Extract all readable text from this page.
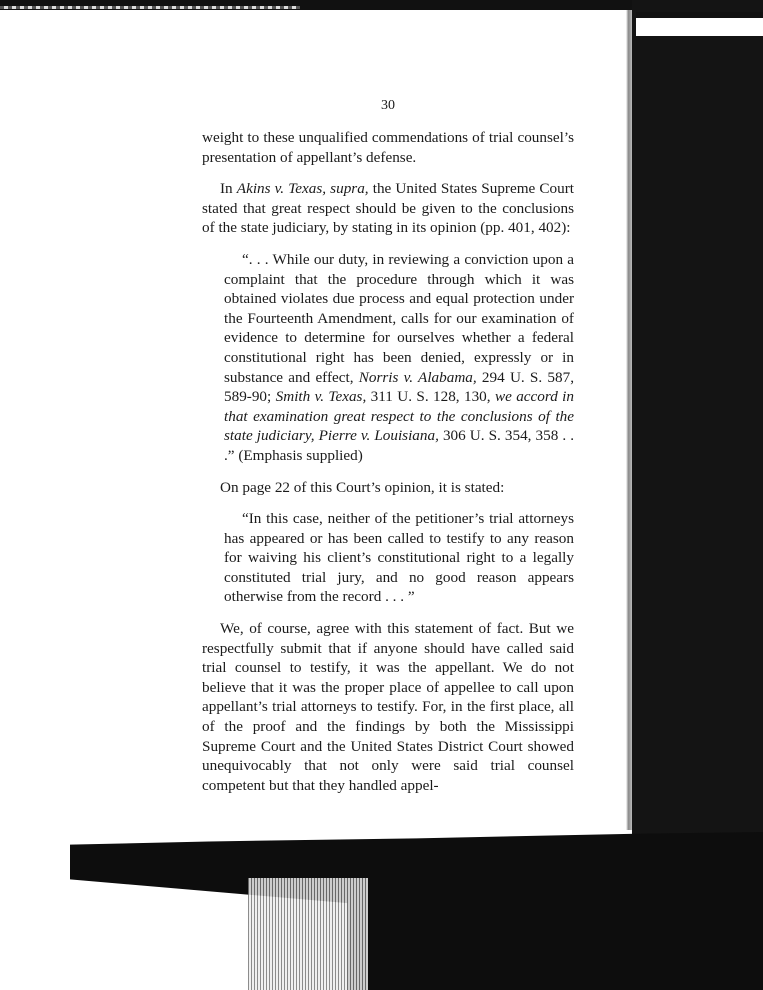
30

weight to these unqualified commendations of trial counsel’s presentation of appellant’s defense.

In Akins v. Texas, supra, the United States Supreme Court stated that great respect should be given to the conclusions of the state judiciary, by stating in its opinion (pp. 401, 402):

“. . . While our duty, in reviewing a conviction upon a complaint that the procedure through which it was obtained violates due process and equal protection under the Fourteenth Amendment, calls for our examination of evidence to determine for ourselves whether a federal constitutional right has been denied, expressly or in substance and effect, Norris v. Alabama, 294 U. S. 587, 589-90; Smith v. Texas, 311 U. S. 128, 130, we accord in that examination great respect to the conclusions of the state judiciary, Pierre v. Louisiana, 306 U. S. 354, 358 . . .” (Emphasis supplied)

On page 22 of this Court’s opinion, it is stated:

“In this case, neither of the petitioner’s trial attorneys has appeared or has been called to testify to any reason for waiving his client’s constitutional right to a legally constituted trial jury, and no good reason appears otherwise from the record . . . ”

We, of course, agree with this statement of fact. But we respectfully submit that if anyone should have called said trial counsel to testify, it was the appellant. We do not believe that it was the proper place of appellee to call upon appellant’s trial attorneys to testify. For, in the first place, all of the proof and the findings by both the Mississippi Supreme Court and the United States District Court showed unequivocably that not only were said trial counsel competent but that they handled appel-
